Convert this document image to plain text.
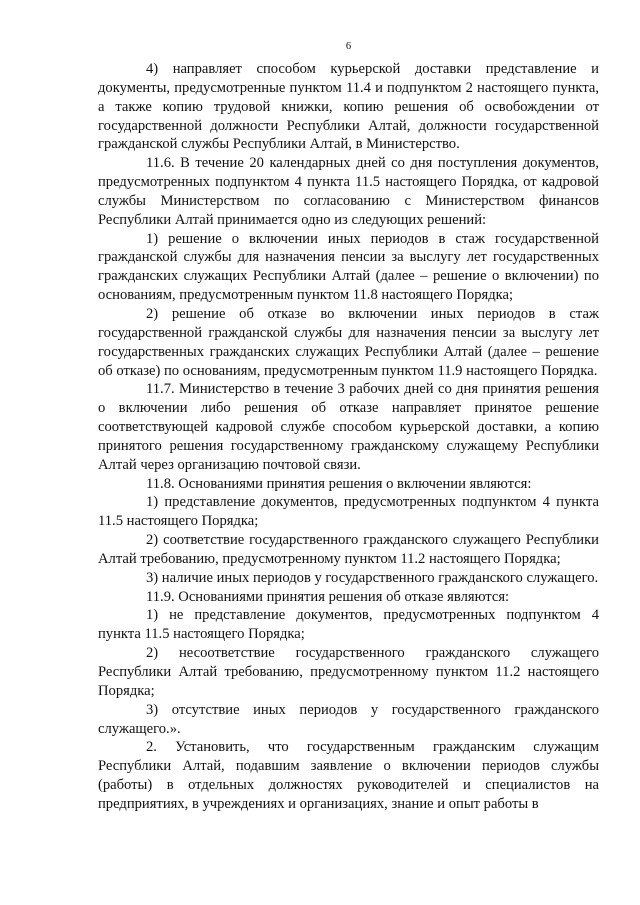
6

4) направляет способом курьерской доставки представление и документы, предусмотренные пунктом 11.4 и подпунктом 2 настоящего пункта, а также копию трудовой книжки, копию решения об освобождении от государственной должности Республики Алтай, должности государственной гражданской службы Республики Алтай, в Министерство.

11.6. В течение 20 календарных дней со дня поступления документов, предусмотренных подпунктом 4 пункта 11.5 настоящего Порядка, от кадровой службы Министерством по согласованию с Министерством финансов Республики Алтай принимается одно из следующих решений:

1) решение о включении иных периодов в стаж государственной гражданской службы для назначения пенсии за выслугу лет государственных гражданских служащих Республики Алтай (далее – решение о включении) по основаниям, предусмотренным пунктом 11.8 настоящего Порядка;

2) решение об отказе во включении иных периодов в стаж государственной гражданской службы для назначения пенсии за выслугу лет государственных гражданских служащих Республики Алтай (далее – решение об отказе) по основаниям, предусмотренным пунктом 11.9 настоящего Порядка.

11.7. Министерство в течение 3 рабочих дней со дня принятия решения о включении либо решения об отказе направляет принятое решение соответствующей кадровой службе способом курьерской доставки, а копию принятого решения государственному гражданскому служащему Республики Алтай через организацию почтовой связи.

11.8. Основаниями принятия решения о включении являются:

1) представление документов, предусмотренных подпунктом 4 пункта 11.5 настоящего Порядка;

2) соответствие государственного гражданского служащего Республики Алтай требованию, предусмотренному пунктом 11.2 настоящего Порядка;

3) наличие иных периодов у государственного гражданского служащего.

11.9. Основаниями принятия решения об отказе являются:

1) не представление документов, предусмотренных подпунктом 4 пункта 11.5 настоящего Порядка;

2) несоответствие государственного гражданского служащего Республики Алтай требованию, предусмотренному пунктом 11.2 настоящего Порядка;

3) отсутствие иных периодов у государственного гражданского служащего.».

2. Установить, что государственным гражданским служащим Республики Алтай, подавшим заявление о включении периодов службы (работы) в отдельных должностях руководителей и специалистов на предприятиях, в учреждениях и организациях, знание и опыт работы в
